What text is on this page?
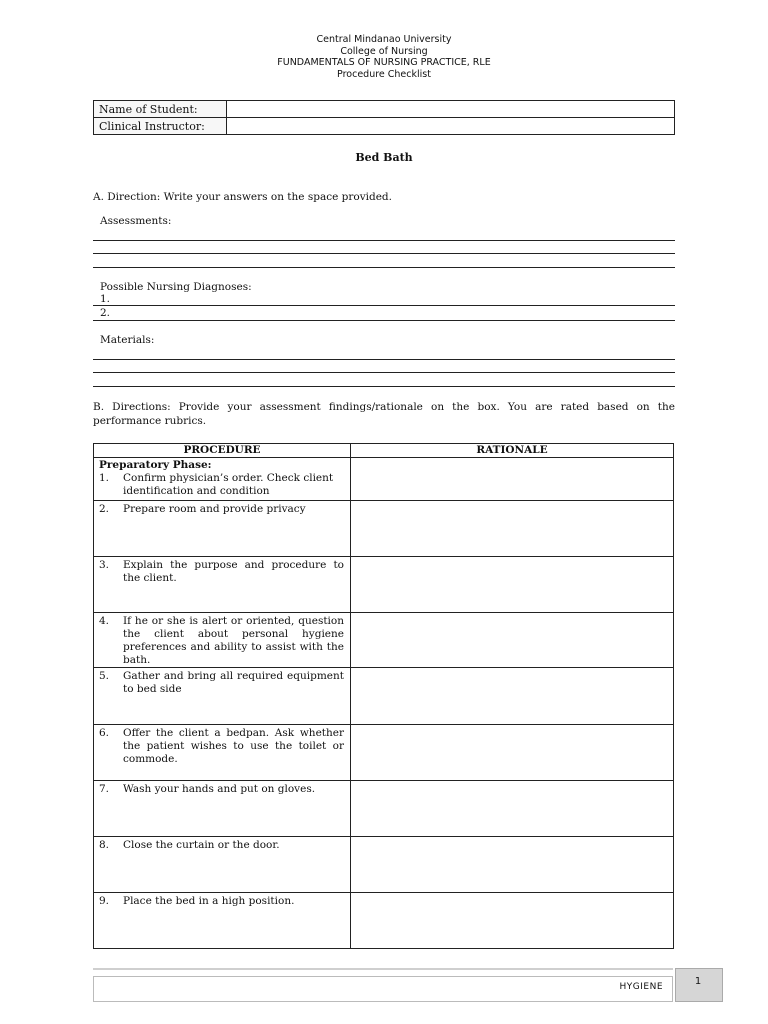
Central Mindanao University
College of Nursing
FUNDAMENTALS OF NURSING PRACTICE, RLE
Procedure Checklist
Name of Student:	
Clinical Instructor:	
Bed Bath
A. Direction: Write your answers on the space provided.
Assessments:
Possible Nursing Diagnoses:
1.
2.
Materials:
B. Directions: Provide your assessment findings/rationale on the box. You are rated based on the performance rubrics.
PROCEDURE	RATIONALE

Preparatory Phase:
1. Confirm physician’s order. Check client identification and condition	

2. Prepare room and provide privacy	

3. Explain the purpose and procedure to the client.	

4. If he or she is alert or oriented, question the client about personal hygiene preferences and ability to assist with the bath.	

5. Gather and bring all required equipment to bed side	

6. Offer the client a bedpan. Ask whether the patient wishes to use the toilet or commode.	

7. Wash your hands and put on gloves.	

8. Close the curtain or the door.	

9. Place the bed in a high position.	

HYGIENE	1
